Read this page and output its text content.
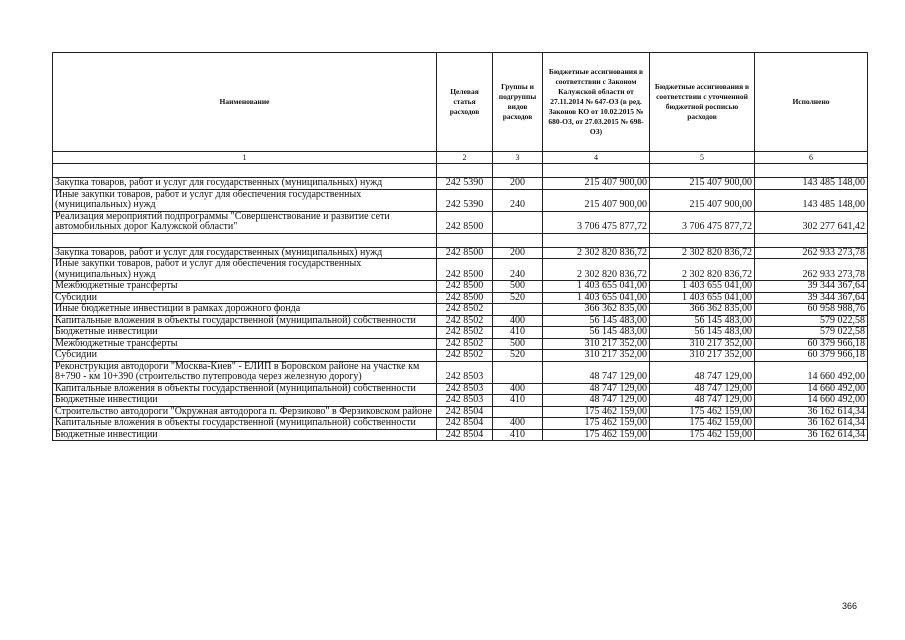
Наименование	Целевая статья расходов	Группы и подгруппы видов расходов	Бюджетные ассигнования в соответствии с Законом Калужской области от 27.11.2014 № 647-ОЗ (в ред. Законов КО от 10.02.2015 № 680-ОЗ, от 27.03.2015 № 698-ОЗ)	Бюджетные ассигнования в соответствии с уточненной бюджетной росписью расходов	Исполнено
1	2	3	4	5	6

Закупка товаров, работ и услуг для государственных (муниципальных) нужд	242 5390	200	215 407 900,00	215 407 900,00	143 485 148,00
Иные закупки товаров, работ и услуг для обеспечения государственных (муниципальных) нужд	242 5390	240	215 407 900,00	215 407 900,00	143 485 148,00
Реализация мероприятий подпрограммы "Совершенствование и развитие сети автомобильных дорог Калужской области"	242 8500		3 706 475 877,72	3 706 475 877,72	302 277 641,42

Закупка товаров, работ и услуг для государственных (муниципальных) нужд	242 8500	200	2 302 820 836,72	2 302 820 836,72	262 933 273,78
Иные закупки товаров, работ и услуг для обеспечения государственных (муниципальных) нужд	242 8500	240	2 302 820 836,72	2 302 820 836,72	262 933 273,78
Межбюджетные трансферты	242 8500	500	1 403 655 041,00	1 403 655 041,00	39 344 367,64
Субсидии	242 8500	520	1 403 655 041,00	1 403 655 041,00	39 344 367,64
Иные бюджетные инвестиции в рамках дорожного фонда	242 8502		366 362 835,00	366 362 835,00	60 958 988,76
Капитальные вложения в объекты государственной (муниципальной) собственности	242 8502	400	56 145 483,00	56 145 483,00	579 022,58
Бюджетные инвестиции	242 8502	410	56 145 483,00	56 145 483,00	579 022,58
Межбюджетные трансферты	242 8502	500	310 217 352,00	310 217 352,00	60 379 966,18
Субсидии	242 8502	520	310 217 352,00	310 217 352,00	60 379 966,18
Реконструкция автодороги "Москва-Киев" - ЕЛИП в Боровском районе на участке км 8+790 - км 10+390 (строительство путепровода через железную дорогу)	242 8503		48 747 129,00	48 747 129,00	14 660 492,00
Капитальные вложения в объекты государственной (муниципальной) собственности	242 8503	400	48 747 129,00	48 747 129,00	14 660 492,00
Бюджетные инвестиции	242 8503	410	48 747 129,00	48 747 129,00	14 660 492,00
Строительство автодороги "Окружная автодорога п. Ферзиково" в Ферзиковском районе	242 8504		175 462 159,00	175 462 159,00	36 162 614,34
Капитальные вложения в объекты государственной (муниципальной) собственности	242 8504	400	175 462 159,00	175 462 159,00	36 162 614,34
Бюджетные инвестиции	242 8504	410	175 462 159,00	175 462 159,00	36 162 614,34
366
